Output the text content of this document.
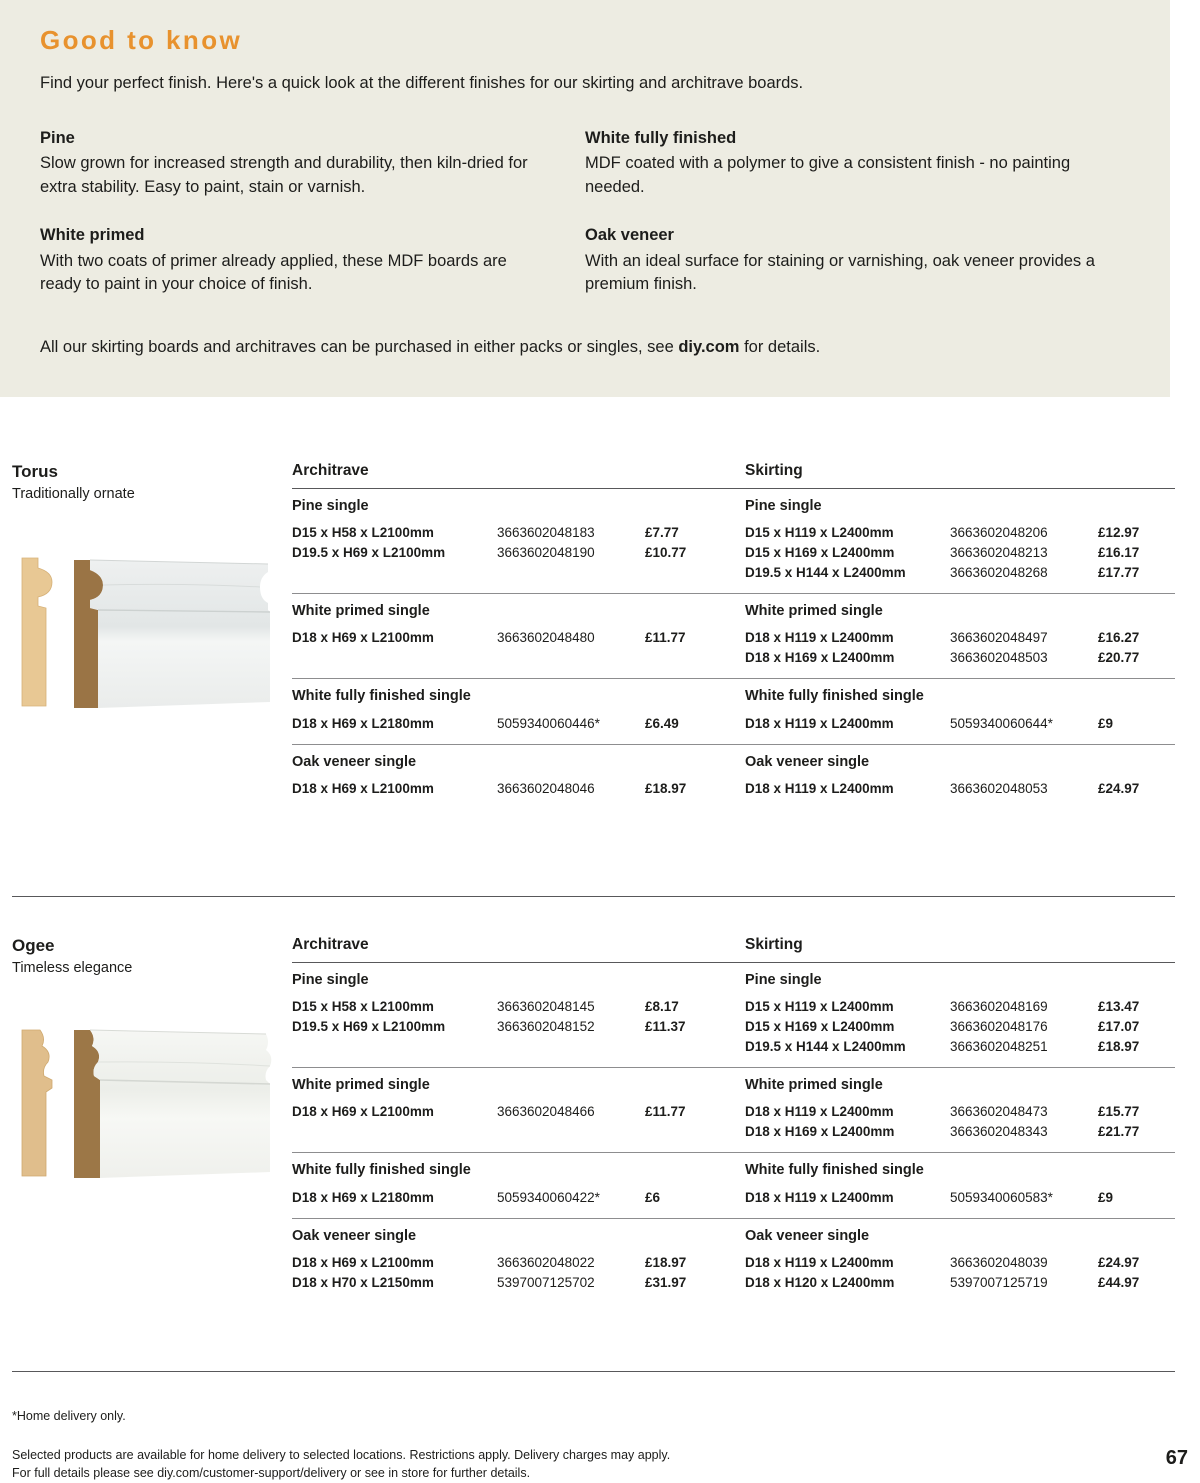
Good to know

Find your perfect finish. Here's a quick look at the different finishes for our skirting and architrave boards.

Pine

Slow grown for increased strength and durability, then kiln-dried for extra stability. Easy to paint, stain or varnish.

White primed

With two coats of primer already applied, these MDF boards are ready to paint in your choice of finish.

White fully finished

MDF coated with a polymer to give a consistent finish - no painting needed.

Oak veneer

With an ideal surface for staining or varnishing, oak veneer provides a premium finish.

All our skirting boards and architraves can be purchased in either packs or singles, see diy.com for details.

Torus

Traditionally ornate

Architrave	Skirting

Pine single

D15 x H58 x L2100mm	3663602048183	£7.77
D19.5 x H69 x L2100mm	3663602048190	£10.77

Pine single

D15 x H119 x L2400mm	3663602048206	£12.97
D15 x H169 x L2400mm	3663602048213	£16.17
D19.5 x H144 x L2400mm	3663602048268	£17.77

White primed single

D18 x H69 x L2100mm	3663602048480	£11.77

White primed single

D18 x H119 x L2400mm	3663602048497	£16.27
D18 x H169 x L2400mm	3663602048503	£20.77

White fully finished single

D18 x H69 x L2180mm	5059340060446*	£6.49

White fully finished single

D18 x H119 x L2400mm	5059340060644*	£9

Oak veneer single

D18 x H69 x L2100mm	3663602048046	£18.97

Oak veneer single

D18 x H119 x L2400mm	3663602048053	£24.97

Ogee

Timeless elegance

Architrave	Skirting

Pine single

D15 x H58 x L2100mm	3663602048145	£8.17
D19.5 x H69 x L2100mm	3663602048152	£11.37

Pine single

D15 x H119 x L2400mm	3663602048169	£13.47
D15 x H169 x L2400mm	3663602048176	£17.07
D19.5 x H144 x L2400mm	3663602048251	£18.97

White primed single

D18 x H69 x L2100mm	3663602048466	£11.77

White primed single

D18 x H119 x L2400mm	3663602048473	£15.77
D18 x H169 x L2400mm	3663602048343	£21.77

White fully finished single

D18 x H69 x L2180mm	5059340060422*	£6

White fully finished single

D18 x H119 x L2400mm	5059340060583*	£9

Oak veneer single

D18 x H69 x L2100mm	3663602048022	£18.97
D18 x H70 x L2150mm	5397007125702	£31.97

Oak veneer single

D18 x H119 x L2400mm	3663602048039	£24.97
D18 x H120 x L2400mm	5397007125719	£44.97

*Home delivery only.

Selected products are available for home delivery to selected locations. Restrictions apply. Delivery charges may apply.

For full details please see diy.com/customer-support/delivery or see in store for further details.

67
